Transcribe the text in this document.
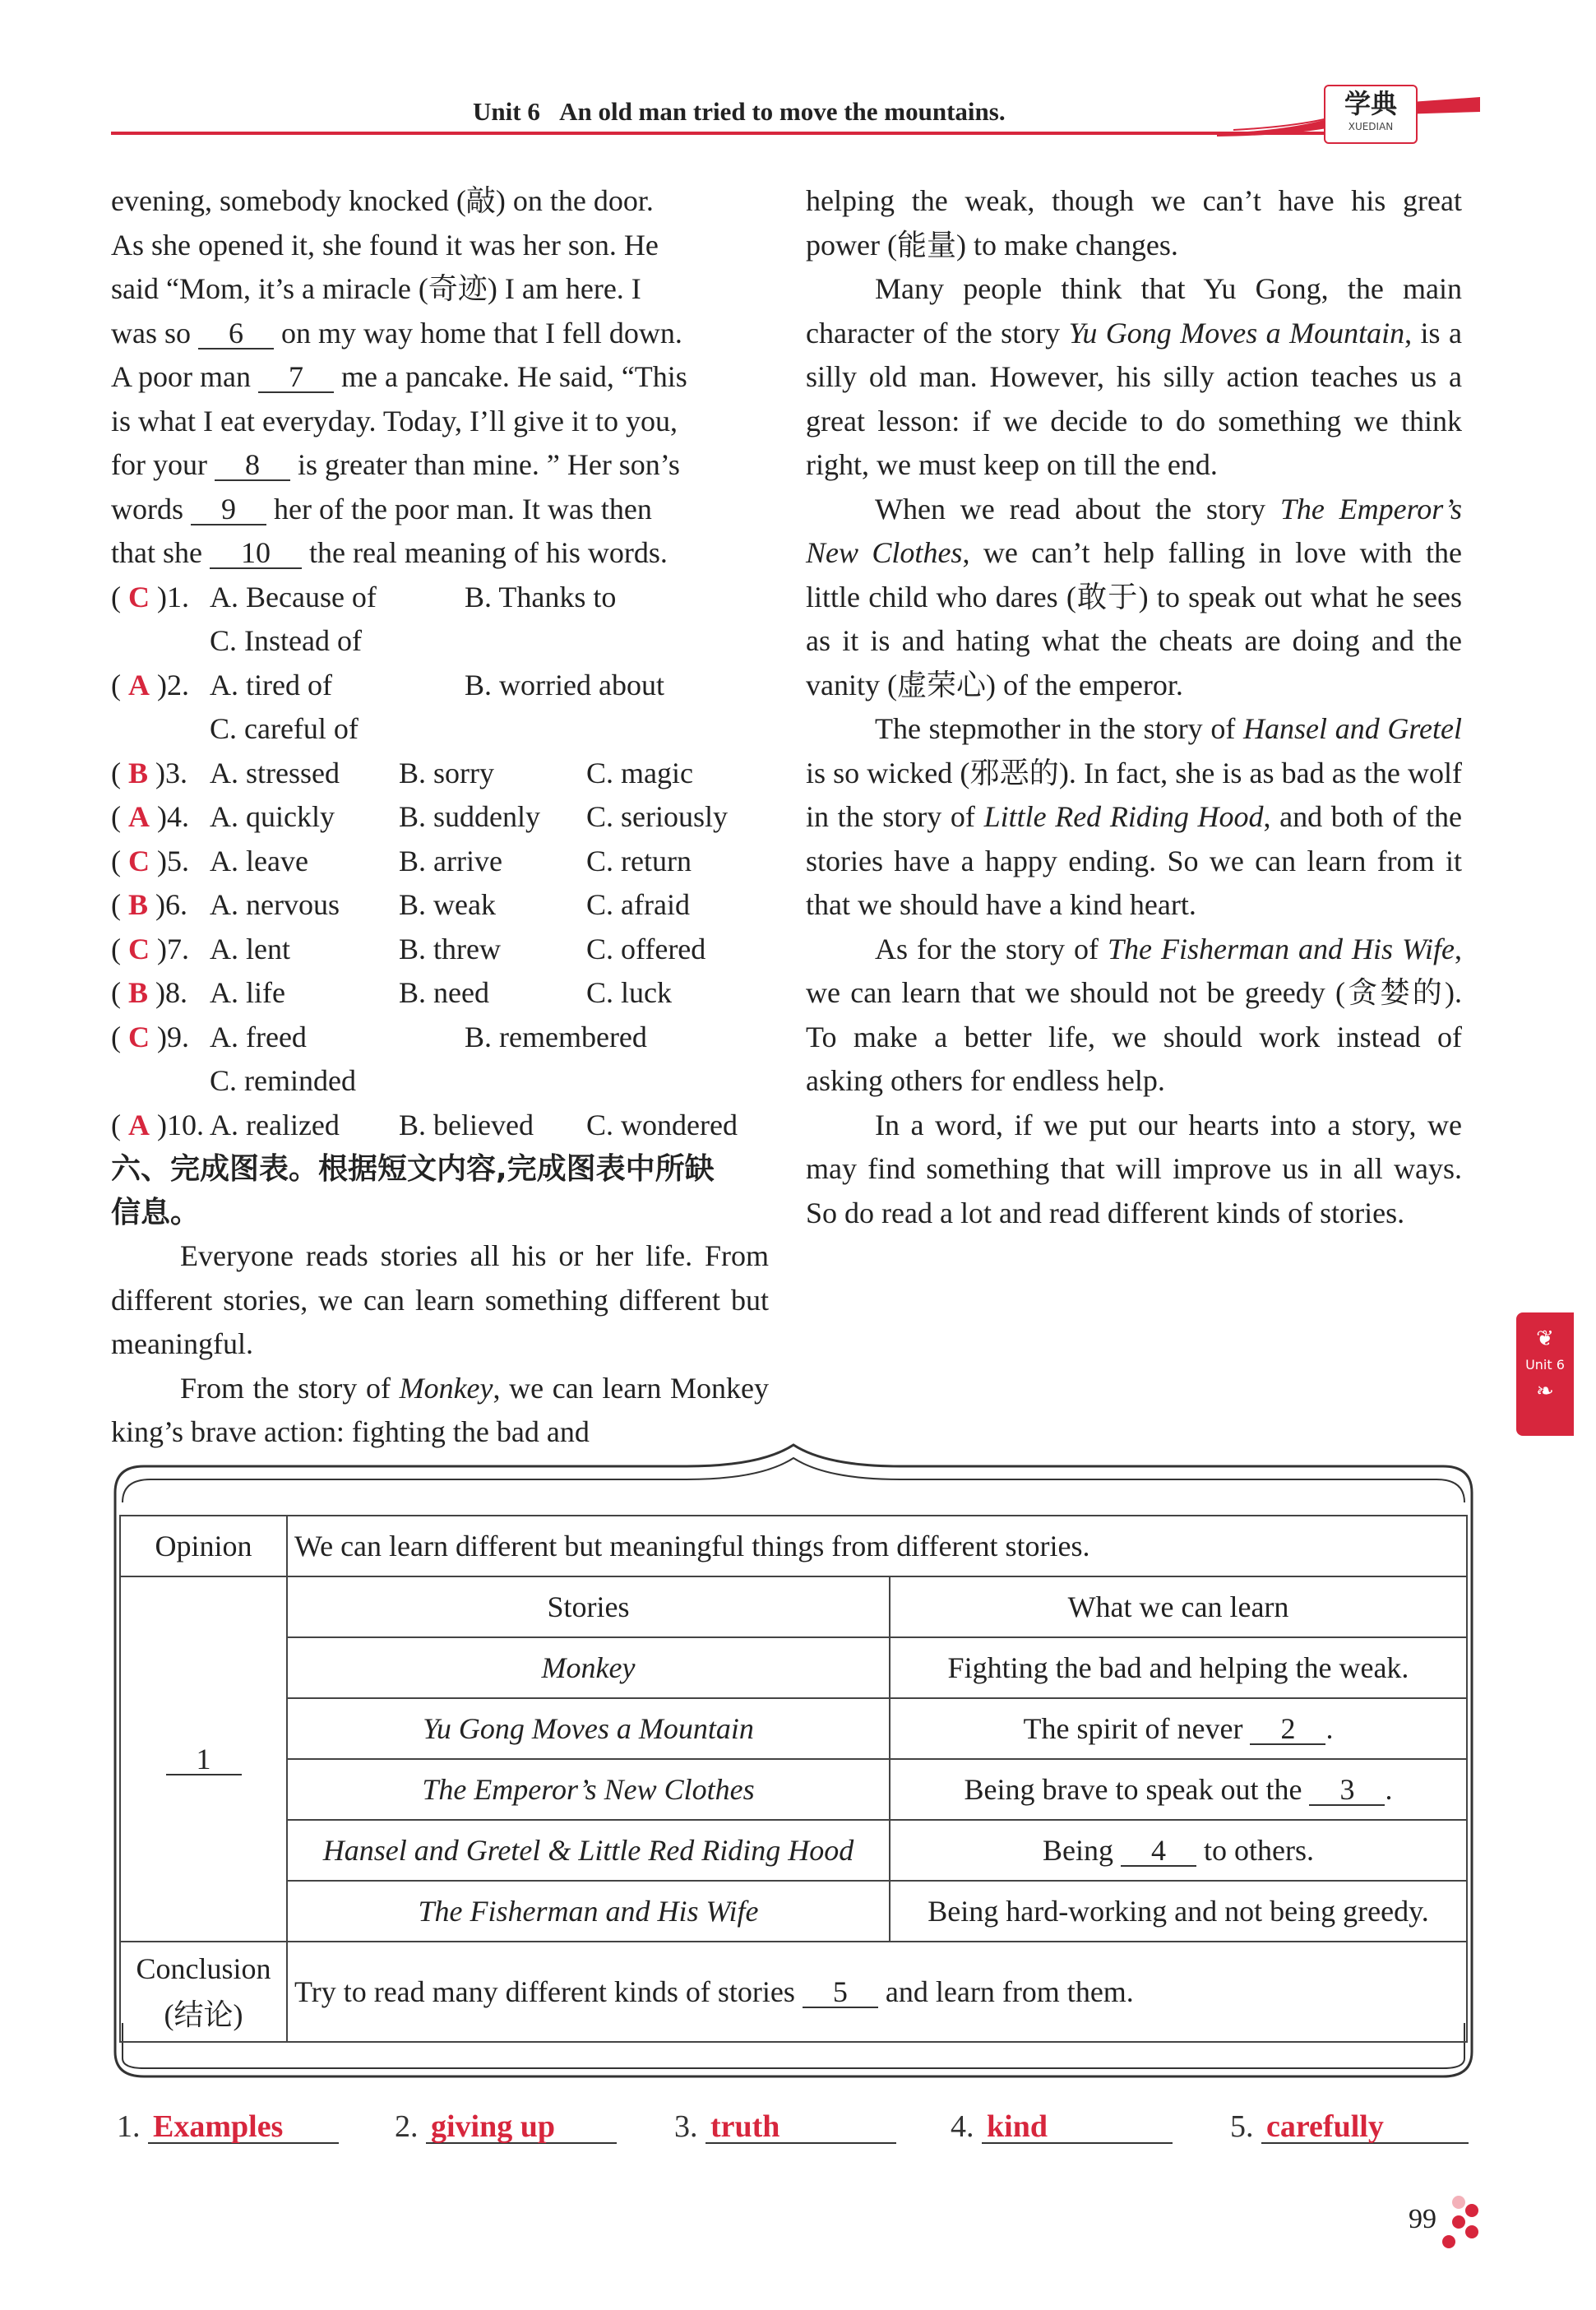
学典
XUEDIAN
Unit 6 An old man tried to move the mountains.

evening, somebody knocked (敲) on the door.

As she opened it, she found it was her son. He

said “Mom, it’s a miracle (奇迹) I am here. I

was so 6 on my way home that I fell down.

A poor man 7 me a pancake. He said, “This

is what I eat everyday. Today, I’ll give it to you,

for your 8 is greater than mine. ” Her son’s

words 9 her of the poor man. It was then

that she 10 the real meaning of his words.

( C )1. A. Because of	B. Thanks to
C. Instead of
( A )2. A. tired of	B. worried about
C. careful of
( B )3. A. stressed	B. sorry	C. magic
( A )4. A. quickly	B. suddenly	C. seriously
( C )5. A. leave	B. arrive	C. return
( B )6. A. nervous	B. weak	C. afraid
( C )7. A. lent	B. threw	C. offered
( B )8. A. life	B. need	C. luck
( C )9. A. freed	B. remembered
C. reminded
( A )10. A. realized	B. believed	C. wondered
六、完成图表。根据短文内容,完成图表中所缺
信息。

Everyone reads stories all his or her life. From different stories, we can learn something different but meaningful.

From the story of Monkey, we can learn Monkey king’s brave action: fighting the bad and

helping the weak, though we can’t have his great power (能量) to make changes.

Many people think that Yu Gong, the main character of the story Yu Gong Moves a Mountain, is a silly old man. However, his silly action teaches us a great lesson: if we decide to do something we think right, we must keep on till the end.

When we read about the story The Emperor’s New Clothes, we can’t help falling in love with the little child who dares (敢于) to speak out what he sees as it is and hating what the cheats are doing and the vanity (虚荣心) of the emperor.

The stepmother in the story of Hansel and Gretel is so wicked (邪恶的). In fact, she is as bad as the wolf in the story of Little Red Riding Hood, and both of the stories have a happy ending. So we can learn from it that we should have a kind heart.

As for the story of The Fisherman and His Wife, we can learn that we should not be greedy (贪婪的). To make a better life, we should work instead of asking others for endless help.

In a word, if we put our hearts into a story, we may find something that will improve us in all ways. So do read a lot and read different kinds of stories.

❦
Unit 6
❧
Opinion	We can learn different but meaningful things from different stories.	
1	Stories	What we can learn
	Monkey	Fighting the bad and helping the weak.
	Yu Gong Moves a Mountain	The spirit of never 2 .
	The Emperor’s New Clothes	Being brave to speak out the 3 .
	Hansel and Gretel & Little Red Riding Hood	Being 4 to others.
	The Fisherman and His Wife	Being hard-working and not being greedy.

Conclusion
(结论)	Try to read many different kinds of stories 5 and learn from them.	
1. Examples	2. giving up	3. truth	4. kind	5. carefully
99
